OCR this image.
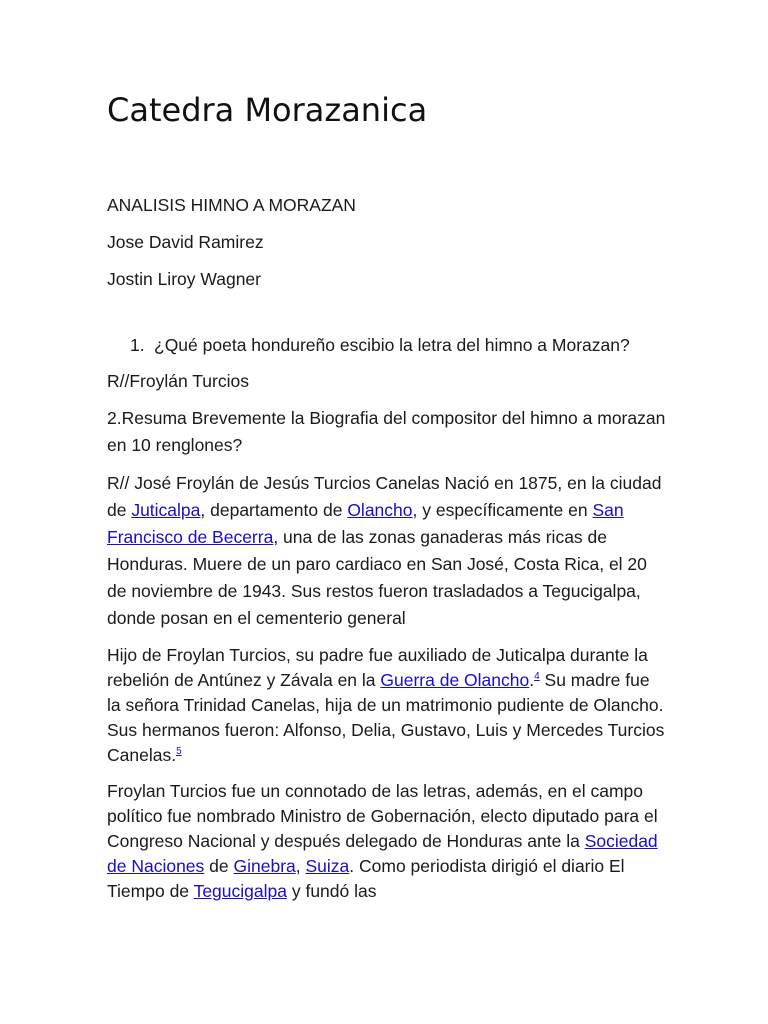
Catedra Morazanica
ANALISIS HIMNO A MORAZAN
Jose David Ramirez
Jostin Liroy Wagner
1. ¿Qué poeta hondureño escibio la letra del himno a Morazan?
R//Froylán Turcios
2.Resuma Brevemente la Biografia del compositor del himno a morazan en 10 renglones?
R// José Froylán de Jesús Turcios Canelas Nació en 1875, en la ciudad de Juticalpa, departamento de Olancho, y específicamente en San Francisco de Becerra, una de las zonas ganaderas más ricas de Honduras. Muere de un paro cardiaco en San José, Costa Rica, el 20 de noviembre de 1943. Sus restos fueron trasladados a Tegucigalpa, donde posan en el cementerio general
Hijo de Froylan Turcios, su padre fue auxiliado de Juticalpa durante la rebelión de Antúnez y Závala en la Guerra de Olancho.$^4$ Su madre fue la señora Trinidad Canelas, hija de un matrimonio pudiente de Olancho. Sus hermanos fueron: Alfonso, Delia, Gustavo, Luis y Mercedes Turcios Canelas.$^5$
Froylan Turcios fue un connotado de las letras, además, en el campo político fue nombrado Ministro de Gobernación, electo diputado para el Congreso Nacional y después delegado de Honduras ante la Sociedad de Naciones de Ginebra, Suiza. Como periodista dirigió el diario El Tiempo de Tegucigalpa y fundó las
